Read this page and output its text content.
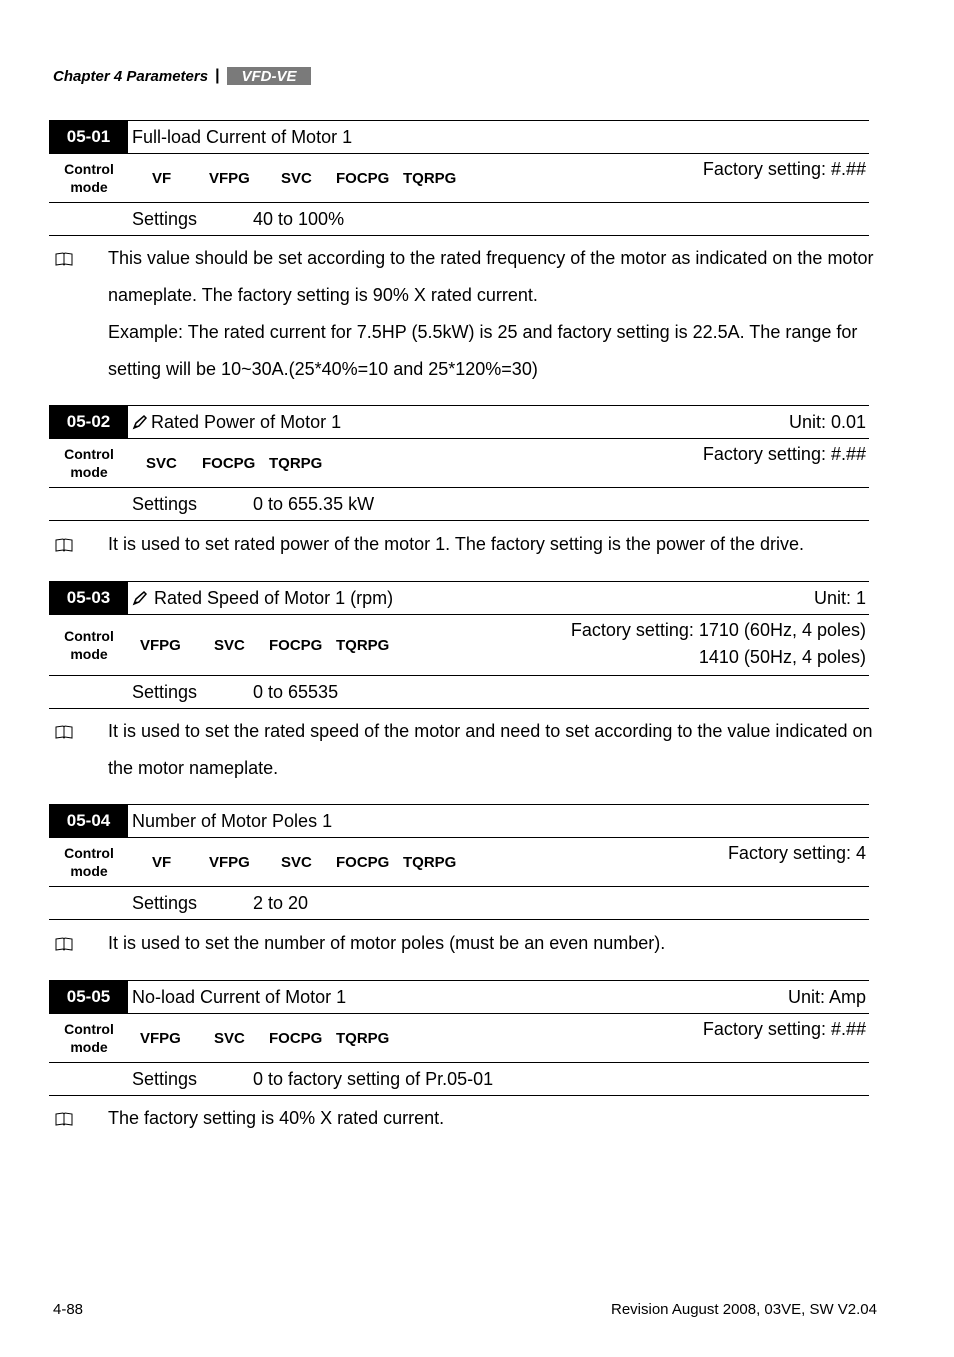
Chapter 4 Parameters | VFD-VE
05-01	Full-load Current of Motor 1
Control
mode	VF	VFPG SVC FOCPG TQRPG	Factory setting: #.##
Settings	40 to 100%
This value should be set according to the rated frequency of the motor as indicated on the motor nameplate. The factory setting is 90% X rated current.
Example: The rated current for 7.5HP (5.5kW) is 25 and factory setting is 22.5A. The range for setting will be 10~30A.(25*40%=10 and 25*120%=30)
05-02	Rated Power of Motor 1	Unit: 0.01
Control
mode	SVC FOCPG TQRPG	Factory setting: #.##
Settings	0 to 655.35 kW
It is used to set rated power of the motor 1. The factory setting is the power of the drive.
05-03	Rated Speed of Motor 1 (rpm)	Unit: 1
Control
mode	VFPG SVC FOCPG TQRPG
Factory setting: 1710 (60Hz, 4 poles)
1410 (50Hz, 4 poles)
Settings	0 to 65535
It is used to set the rated speed of the motor and need to set according to the value indicated on the motor nameplate.
05-04	Number of Motor Poles 1
Control
mode	VF	VFPG SVC FOCPG TQRPG	Factory setting: 4
Settings	2 to 20
It is used to set the number of motor poles (must be an even number).
05-05	No-load Current of Motor 1	Unit: Amp
Control
mode	VFPG SVC FOCPG TQRPG	Factory setting: #.##
Settings	0 to factory setting of Pr.05-01
The factory setting is 40% X rated current.
4-88	Revision August 2008, 03VE, SW V2.04
